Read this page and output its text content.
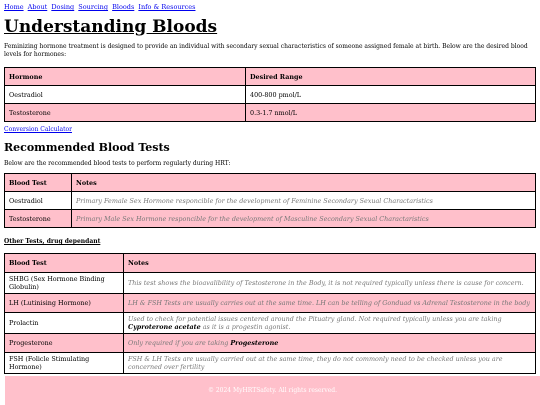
Home About Dosing Sourcing Bloods Info & Resources
Understanding Bloods

Feminizing hormone treatment is designed to provide an individual with secondary sexual characteristics of someone assigned female at birth. Below are the desired blood levels for hormones:

Hormone	Desired Range
Oestradiol	400-800 pmol/L
Testosterone	0.3-1.7 nmol/L
Conversion Calculator
Recommended Blood Tests

Below are the recommended blood tests to perform regularly during HRT:

Blood Test	Notes
Oestradiol	Primary Female Sex Hormone responcible for the development of Feminine Secondary Sexual Charactaristics
Testosterone	Primary Male Sex Hormone responcible for the development of Masculine Secondary Sexual Charactaristics
Other Tests, drug dependant
Blood Test	Notes
SHBG (Sex Hormone Binding Globulin)	This test shows the bioavalibility of Testosterone in the Body, it is not required typically unless there is cause for concern.
LH (Lutinising Hormone)	LH & FSH Tests are usually carries out at the same time. LH can be telling of Gonduad vs Adrenal Testosterone in the body
Prolactin	Used to check for potential issues centered around the Pituatry gland. Not required typically unless you are taking Cyproterone acetate as it is a progestin agonist.
Progesterone	Only required if you are taking Progesterone
FSH (Folicle Stimulating Hormone)	FSH & LH Tests are usually carried out at the same time, they do not commonly need to be checked unless you are concerned over fertility
© 2024 MyHRTSafety. All rights reserved.
